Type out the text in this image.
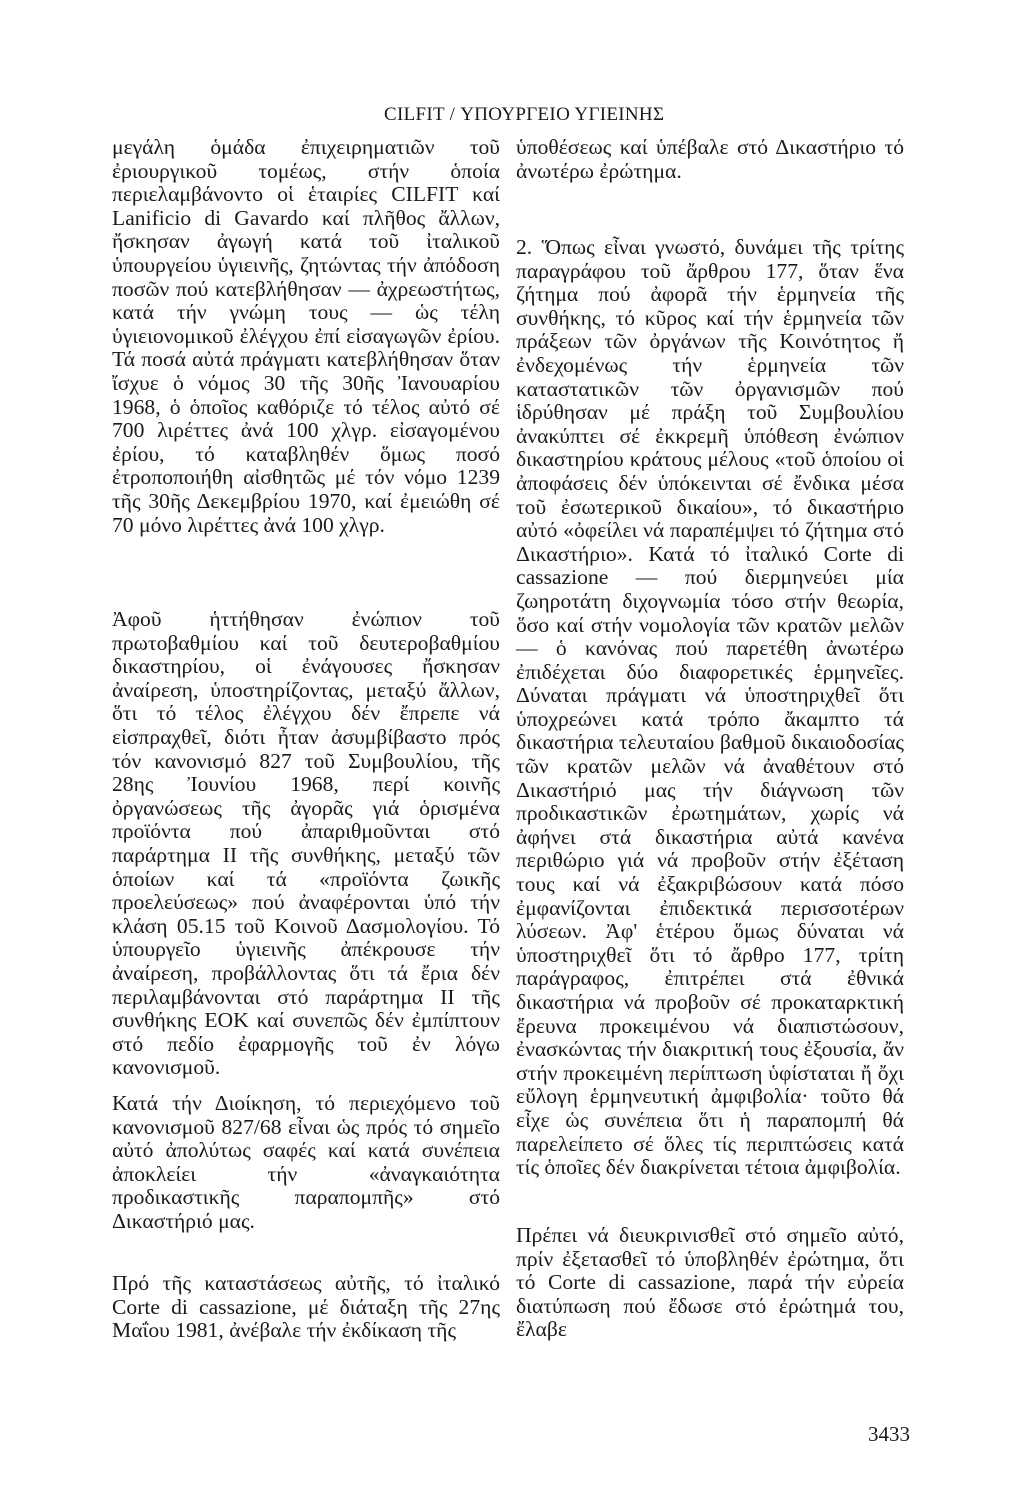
CILFIT / ΥΠΟΥΡΓΕΙΟ ΥΓΙΕΙΝΗΣ

μεγάλη ὁμάδα ἐπιχειρηματιῶν τοῦ ἐριουργικοῦ τομέως, στήν ὁποία περιελαμβάνοντο οἱ ἑταιρίες CILFIT καί Lanificio di Gavardo καί πλῆθος ἄλλων, ἤσκησαν ἀγωγή κατά τοῦ ἰταλικοῦ ὑπουργείου ὑγιεινῆς, ζητώντας τήν ἀπόδοση ποσῶν πού κατεβλήθησαν — ἀχρεωστήτως, κατά τήν γνώμη τους — ὡς τέλη ὑγιειονομικοῦ ἐλέγχου ἐπί εἰσαγωγῶν ἐρίου. Τά ποσά αὐτά πράγματι κατεβλήθησαν ὅταν ἴσχυε ὁ νόμος 30 τῆς 30ῆς Ἰανουαρίου 1968, ὁ ὁποῖος καθόριζε τό τέλος αὐτό σέ 700 λιρέττες ἀνά 100 χλγρ. εἰσαγομένου ἐρίου, τό καταβληθέν ὅμως ποσό ἐτροποποιήθη αἰσθητῶς μέ τόν νόμο 1239 τῆς 30ῆς Δεκεμβρίου 1970, καί ἐμειώθη σέ 70 μόνο λιρέττες ἀνά 100 χλγρ.

Ἀφοῦ ἡττήθησαν ἐνώπιον τοῦ πρωτοβαθμίου καί τοῦ δευτεροβαθμίου δικαστηρίου, οἱ ἐνάγουσες ἤσκησαν ἀναίρεση, ὑποστηρίζοντας, μεταξύ ἄλλων, ὅτι τό τέλος ἐλέγχου δέν ἔπρεπε νά εἰσπραχθεῖ, διότι ἦταν ἀσυμβίβαστο πρός τόν κανονισμό 827 τοῦ Συμβουλίου, τῆς 28ης Ἰουνίου 1968, περί κοινῆς ὀργανώσεως τῆς ἀγορᾶς γιά ὁρισμένα προϊόντα πού ἀπαριθμοῦνται στό παράρτημα II τῆς συνθήκης, μεταξύ τῶν ὁποίων καί τά «προϊόντα ζωικῆς προελεύσεως» πού ἀναφέρονται ὑπό τήν κλάση 05.15 τοῦ Κοινοῦ Δασμολογίου. Τό ὑπουργεῖο ὑγιεινῆς ἀπέκρουσε τήν ἀναίρεση, προβάλλοντας ὅτι τά ἔρια δέν περιλαμβάνονται στό παράρτημα II τῆς συνθήκης ΕΟΚ καί συνεπῶς δέν ἐμπίπτουν στό πεδίο ἐφαρμογῆς τοῦ ἐν λόγω κανονισμοῦ.

Κατά τήν Διοίκηση, τό περιεχόμενο τοῦ κανονισμοῦ 827/68 εἶναι ὡς πρός τό σημεῖο αὐτό ἀπολύτως σαφές καί κατά συνέπεια ἀποκλείει τήν «ἀναγκαιότητα προδικαστικῆς παραπομπῆς» στό Δικαστήριό μας.

Πρό τῆς καταστάσεως αὐτῆς, τό ἰταλικό Corte di cassazione, μέ διάταξη τῆς 27ης Μαΐου 1981, ἀνέβαλε τήν ἐκδίκαση τῆς

ὑποθέσεως καί ὑπέβαλε στό Δικαστήριο τό ἀνωτέρω ἐρώτημα.

2. Ὅπως εἶναι γνωστό, δυνάμει τῆς τρίτης παραγράφου τοῦ ἄρθρου 177, ὅταν ἕνα ζήτημα πού ἀφορᾶ τήν ἑρμηνεία τῆς συνθήκης, τό κῦρος καί τήν ἑρμηνεία τῶν πράξεων τῶν ὀργάνων τῆς Κοινότητος ἤ ἐνδεχομένως τήν ἑρμηνεία τῶν καταστατικῶν τῶν ὀργανισμῶν πού ἱδρύθησαν μέ πράξη τοῦ Συμβουλίου ἀνακύπτει σέ ἐκκρεμῆ ὑπόθεση ἐνώπιον δικαστηρίου κράτους μέλους «τοῦ ὁποίου οἱ ἀποφάσεις δέν ὑπόκεινται σέ ἔνδικα μέσα τοῦ ἐσωτερικοῦ δικαίου», τό δικαστήριο αὐτό «ὀφείλει νά παραπέμψει τό ζήτημα στό Δικαστήριο». Κατά τό ἰταλικό Corte di cassazione — πού διερμηνεύει μία ζωηροτάτη διχογνωμία τόσο στήν θεωρία, ὅσο καί στήν νομολογία τῶν κρατῶν μελῶν — ὁ κανόνας πού παρετέθη ἀνωτέρω ἐπιδέχεται δύο διαφορετικές ἑρμηνεῖες. Δύναται πράγματι νά ὑποστηριχθεῖ ὅτι ὑποχρεώνει κατά τρόπο ἄκαμπτο τά δικαστήρια τελευταίου βαθμοῦ δικαιοδοσίας τῶν κρατῶν μελῶν νά ἀναθέτουν στό Δικαστήριό μας τήν διάγνωση τῶν προδικαστικῶν ἐρωτημάτων, χωρίς νά ἀφήνει στά δικαστήρια αὐτά κανένα περιθώριο γιά νά προβοῦν στήν ἐξέταση τους καί νά ἐξακριβώσουν κατά πόσο ἐμφανίζονται ἐπιδεκτικά περισσοτέρων λύσεων. Ἀφ' ἑτέρου ὅμως δύναται νά ὑποστηριχθεῖ ὅτι τό ἄρθρο 177, τρίτη παράγραφος, ἐπιτρέπει στά ἐθνικά δικαστήρια νά προβοῦν σέ προκαταρκτική ἔρευνα προκειμένου νά διαπιστώσουν, ἐνασκώντας τήν διακριτική τους ἐξουσία, ἄν στήν προκειμένη περίπτωση ὑφίσταται ἤ ὄχι εὔλογη ἑρμηνευτική ἀμφιβολία· τοῦτο θά εἶχε ὡς συνέπεια ὅτι ἡ παραπομπή θά παρελείπετο σέ ὅλες τίς περιπτώσεις κατά τίς ὁποῖες δέν διακρίνεται τέτοια ἀμφιβολία.

Πρέπει νά διευκρινισθεῖ στό σημεῖο αὐτό, πρίν ἐξετασθεῖ τό ὑποβληθέν ἐρώτημα, ὅτι τό Corte di cassazione, παρά τήν εὐρεία διατύπωση πού ἔδωσε στό ἐρώτημά του, ἔλαβε

3433
